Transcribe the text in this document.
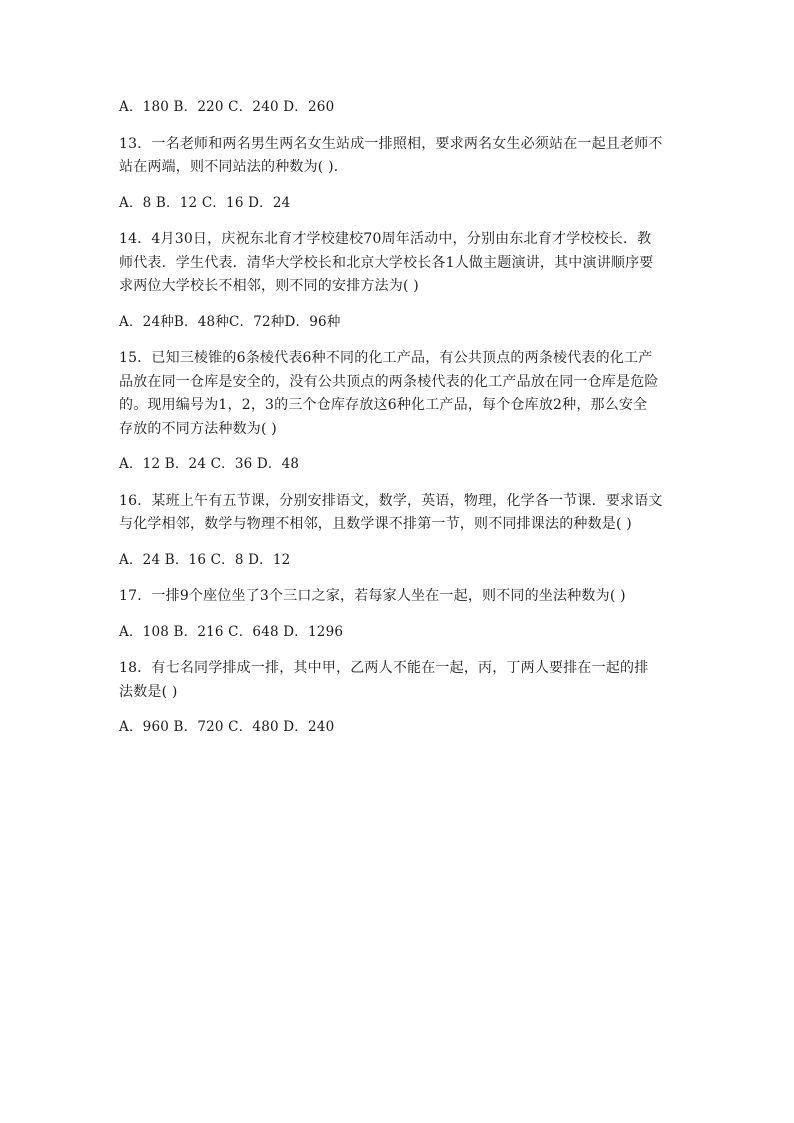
A．180 B．220 C．240 D．260
13．一名老师和两名男生两名女生站成一排照相，要求两名女生必须站在一起且老师不
站在两端，则不同站法的种数为( )．
A．8 B．12 C．16 D．24
14．4月30日，庆祝东北育才学校建校70周年活动中，分别由东北育才学校校长．教
师代表．学生代表．清华大学校长和北京大学校长各1人做主题演讲，其中演讲顺序要
求两位大学校长不相邻，则不同的安排方法为( )
A．24种B．48种C．72种D．96种
15．已知三棱锥的6条棱代表6种不同的化工产品，有公共顶点的两条棱代表的化工产
品放在同一仓库是安全的，没有公共顶点的两条棱代表的化工产品放在同一仓库是危险
的。现用编号为1，2，3的三个仓库存放这6种化工产品，每个仓库放2种，那么安全
存放的不同方法种数为( )
A．12 B．24 C．36 D．48
16．某班上午有五节课，分别安排语文，数学，英语，物理，化学各一节课．要求语文
与化学相邻，数学与物理不相邻，且数学课不排第一节，则不同排课法的种数是( )
A．24 B．16 C．8 D．12
17．一排9个座位坐了3个三口之家，若每家人坐在一起，则不同的坐法种数为( )
A．108 B．216 C．648 D．1296
18．有七名同学排成一排，其中甲，乙两人不能在一起，丙，丁两人要排在一起的排
法数是( )
A．960 B．720 C．480 D．240
